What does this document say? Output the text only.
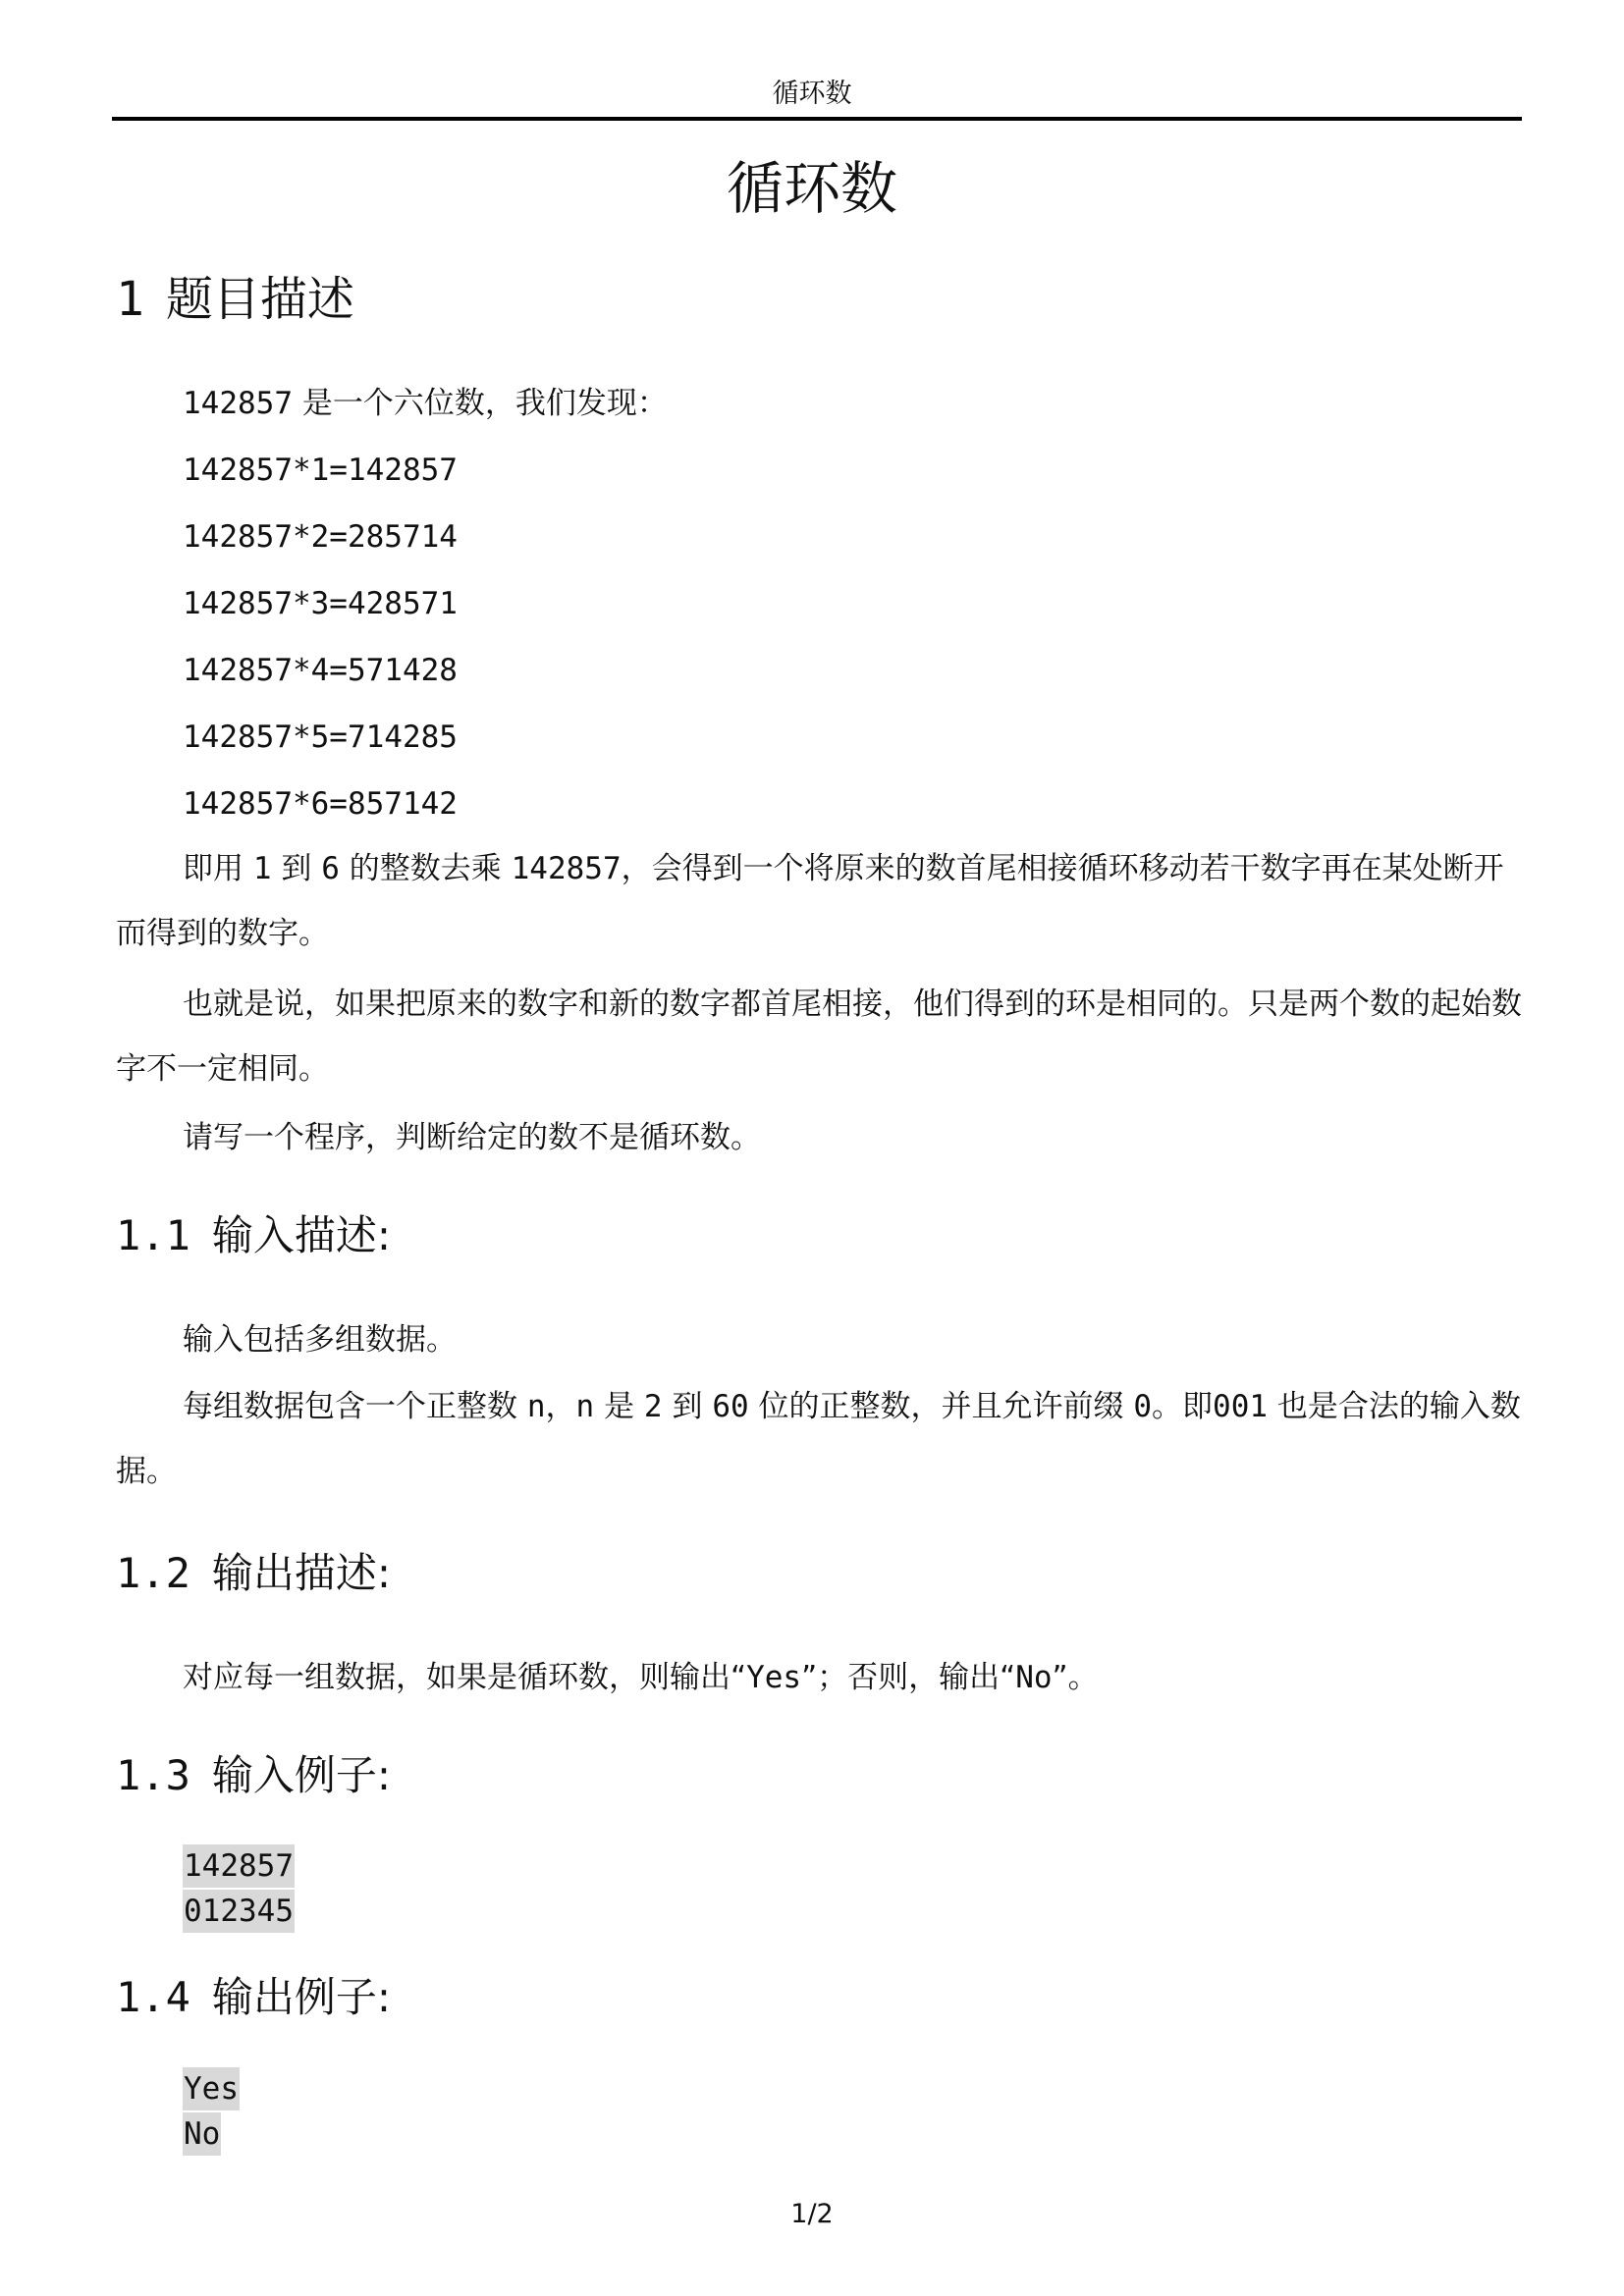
循环数
循环数
1 题目描述

142857 是一个六位数，我们发现：

142857*1=142857

142857*2=285714

142857*3=428571

142857*4=571428

142857*5=714285

142857*6=857142

即用 1 到 6 的整数去乘 142857，会得到一个将原来的数首尾相接循环移动若干数字再在某处断开而得到的数字。

也就是说，如果把原来的数字和新的数字都首尾相接，他们得到的环是相同的。只是两个数的起始数字不一定相同。

请写一个程序，判断给定的数不是循环数。

1.1 输入描述:

输入包括多组数据。

每组数据包含一个正整数 n，n 是 2 到 60 位的正整数，并且允许前缀 0。即001 也是合法的输入数据。

1.2 输出描述:

对应每一组数据，如果是循环数，则输出“Yes”；否则，输出“No”。

1.3 输入例子:
142857
012345
1.4 输出例子:
Yes
No
1/2
